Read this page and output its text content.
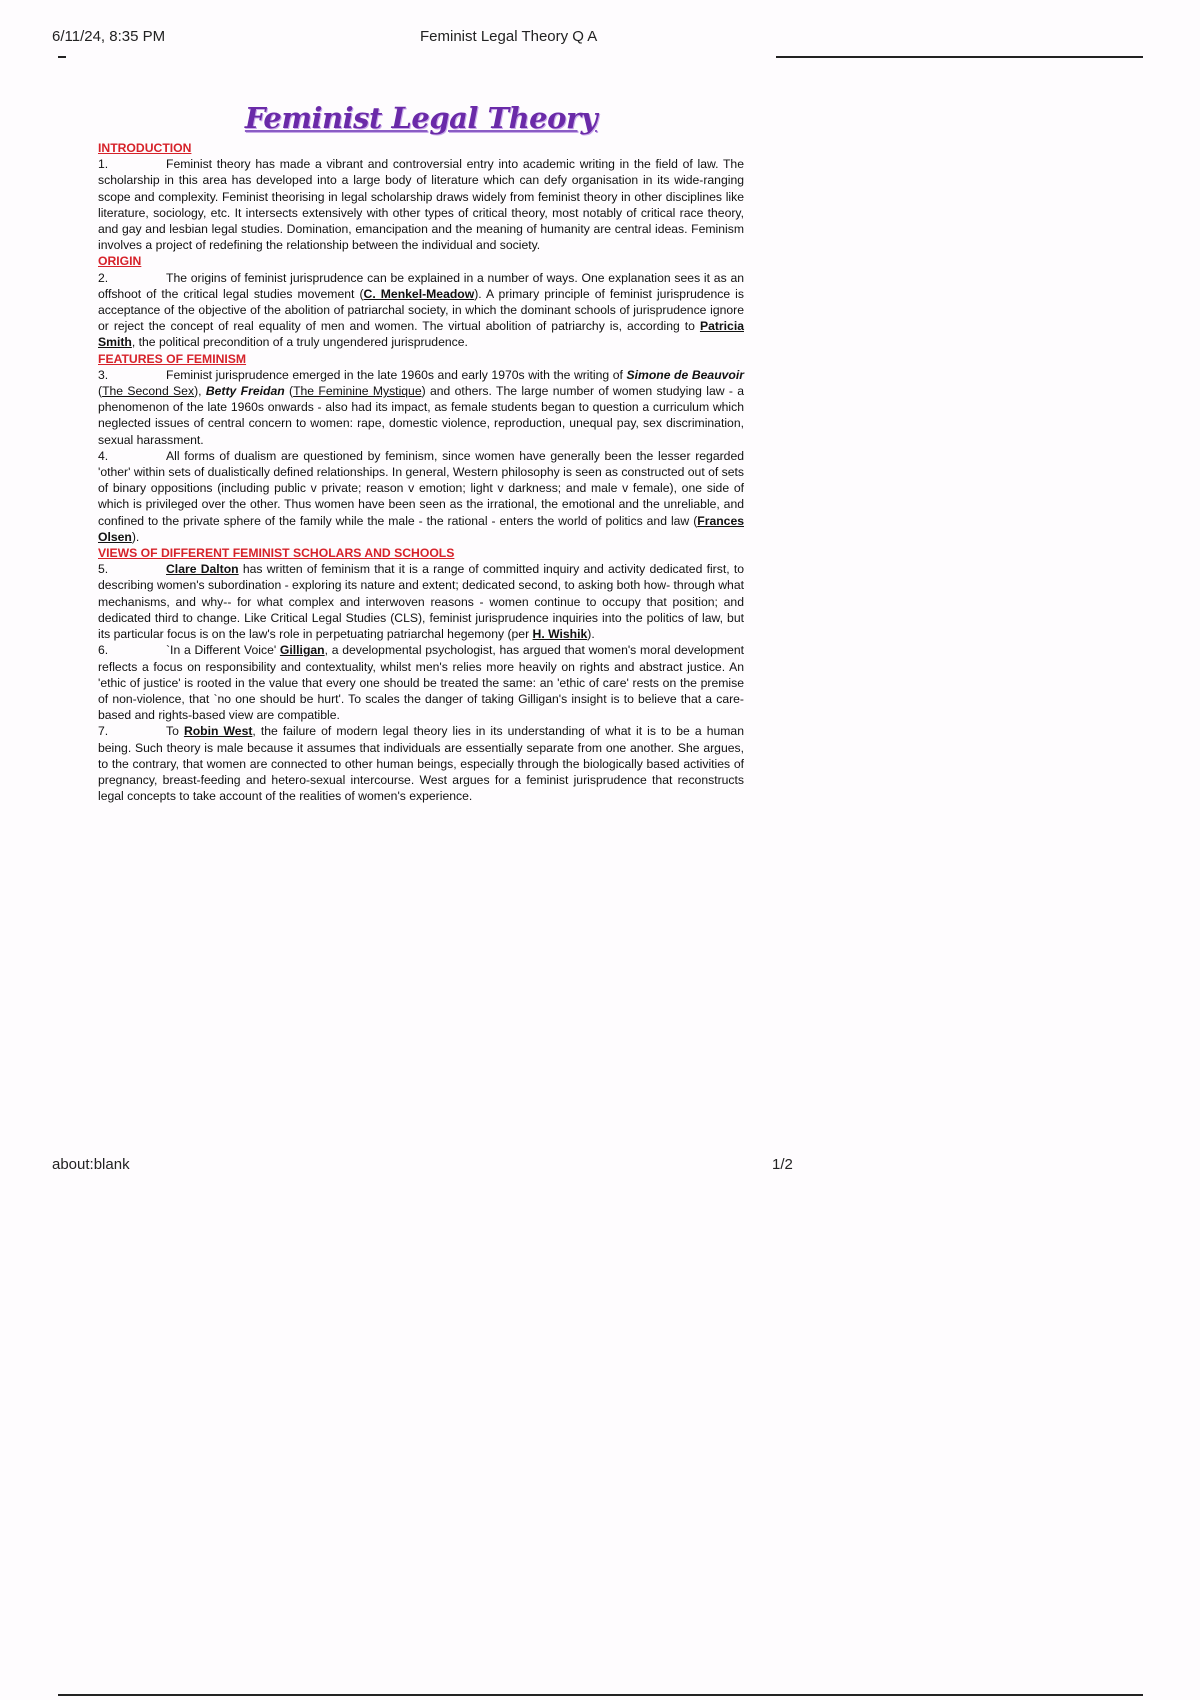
6/11/24, 8:35 PM	Feminist Legal Theory Q A
Feminist Legal Theory
INTRODUCTION

1.	Feminist theory has made a vibrant and controversial entry into academic writing in the field of law. The scholarship in this area has developed into a large body of literature which can defy organisation in its wide-ranging scope and complexity. Feminist theorising in legal scholarship draws widely from feminist theory in other disciplines like literature, sociology, etc. It intersects extensively with other types of critical theory, most notably of critical race theory, and gay and lesbian legal studies. Domination, emancipation and the meaning of humanity are central ideas. Feminism involves a project of redefining the relationship between the individual and society.

ORIGIN

2.	The origins of feminist jurisprudence can be explained in a number of ways. One explanation sees it as an offshoot of the critical legal studies movement (C. Menkel-Meadow). A primary principle of feminist jurisprudence is acceptance of the objective of the abolition of patriarchal society, in which the dominant schools of jurisprudence ignore or reject the concept of real equality of men and women. The virtual abolition of patriarchy is, according to Patricia Smith, the political precondition of a truly ungendered jurisprudence.

FEATURES OF FEMINISM

3.	Feminist jurisprudence emerged in the late 1960s and early 1970s with the writing of Simone de Beauvoir (The Second Sex), Betty Freidan (The Feminine Mystique) and others. The large number of women studying law - a phenomenon of the late 1960s onwards - also had its impact, as female students began to question a curriculum which neglected issues of central concern to women: rape, domestic violence, reproduction, unequal pay, sex discrimination, sexual harassment.

4.	All forms of dualism are questioned by feminism, since women have generally been the lesser regarded 'other' within sets of dualistically defined relationships. In general, Western philosophy is seen as constructed out of sets of binary oppositions (including public v private; reason v emotion; light v darkness; and male v female), one side of which is privileged over the other. Thus women have been seen as the irrational, the emotional and the unreliable, and confined to the private sphere of the family while the male - the rational - enters the world of politics and law (Frances Olsen).

VIEWS OF DIFFERENT FEMINIST SCHOLARS AND SCHOOLS

5.	Clare Dalton has written of feminism that it is a range of committed inquiry and activity dedicated first, to describing women's subordination - exploring its nature and extent; dedicated second, to asking both how- through what mechanisms, and why-- for what complex and interwoven reasons - women continue to occupy that position; and dedicated third to change. Like Critical Legal Studies (CLS), feminist jurisprudence inquiries into the politics of law, but its particular focus is on the law's role in perpetuating patriarchal hegemony (per H. Wishik).

6.	`In a Different Voice' Gilligan, a developmental psychologist, has argued that women's moral development reflects a focus on responsibility and contextuality, whilst men's relies more heavily on rights and abstract justice. An 'ethic of justice' is rooted in the value that every one should be treated the same: an 'ethic of care' rests on the premise of non-violence, that `no one should be hurt'. To scales the danger of taking Gilligan's insight is to believe that a care-based and rights-based view are compatible.

7.	To Robin West, the failure of modern legal theory lies in its understanding of what it is to be a human being. Such theory is male because it assumes that individuals are essentially separate from one another. She argues, to the contrary, that women are connected to other human beings, especially through the biologically based activities of pregnancy, breast-feeding and hetero-sexual intercourse. West argues for a feminist jurisprudence that reconstructs legal concepts to take account of the realities of women's experience.

about:blank	1/2
